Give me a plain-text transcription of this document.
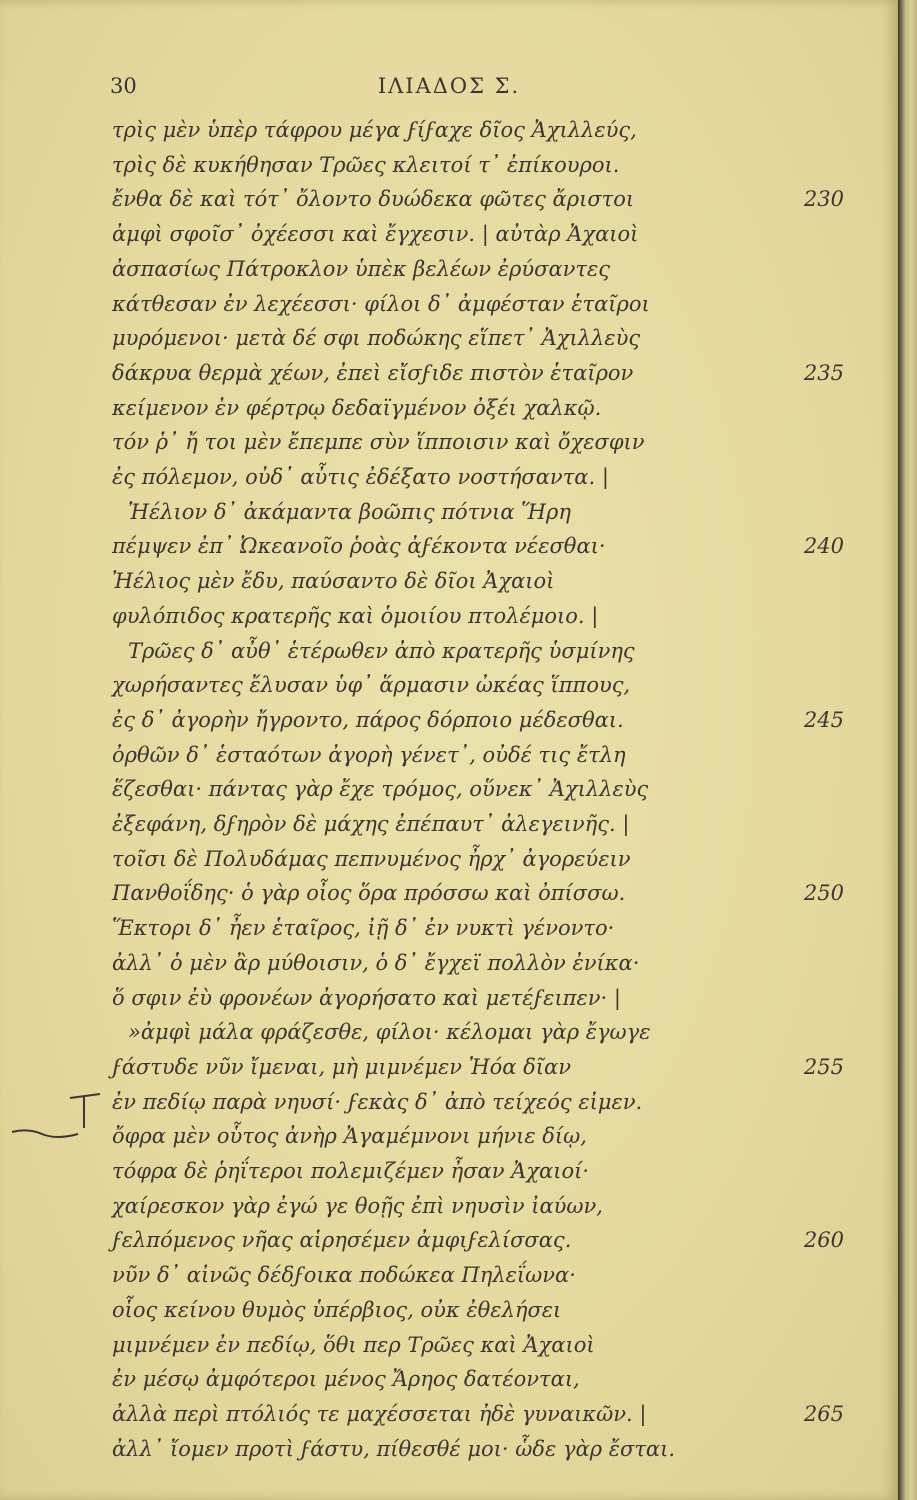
30	ΙΛΙΑΔΟΣ Σ.
τρὶς μὲν ὑπὲρ τάφρου μέγα ϝίϝαχε δῖος Ἀχιλλεύς,
τρὶς δὲ κυκήθησαν Τρῶες κλειτοί τ᾽ ἐπίκουροι.
ἔνθα δὲ καὶ τότ᾽ ὄλοντο δυώδεκα φῶτες ἄριστοι	230
ἀμφὶ σφοῖσ᾽ ὀχέεσσι καὶ ἔγχεσιν. | αὐτὰρ Ἀχαιοὶ
ἀσπασίως Πάτροκλον ὑπὲκ βελέων ἐρύσαντες
κάτθεσαν ἐν λεχέεσσι· φίλοι δ᾽ ἀμφέσταν ἑταῖροι
μυρόμενοι· μετὰ δέ σφι ποδώκης εἵπετ᾽ Ἀχιλλεὺς
δάκρυα θερμὰ χέων, ἐπεὶ εἴσϝιδε πιστὸν ἑταῖρον	235
κείμενον ἐν φέρτρῳ δεδαϊγμένον ὀξέι χαλκῷ.
τόν ῥ᾽ ἤ τοι μὲν ἔπεμπε σὺν ἵπποισιν καὶ ὄχεσφιν
ἐς πόλεμον, οὐδ᾽ αὖτις ἐδέξατο νοστήσαντα. |
Ἠέλιον δ᾽ ἀκάμαντα βοῶπις πότνια Ἥρη
πέμψεν ἐπ᾽ Ὠκεανοῖο ῥοὰς ἀϝέκοντα νέεσθαι·	240
Ἠέλιος μὲν ἔδυ, παύσαντο δὲ δῖοι Ἀχαιοὶ
φυλόπιδος κρατερῆς καὶ ὁμοιίου πτολέμοιο. |
Τρῶες δ᾽ αὖθ᾽ ἑτέρωθεν ἀπὸ κρατερῆς ὑσμίνης
χωρήσαντες ἔλυσαν ὑφ᾽ ἅρμασιν ὠκέας ἵππους,
ἐς δ᾽ ἀγορὴν ἤγροντο, πάρος δόρποιο μέδεσθαι.	245
ὀρθῶν δ᾽ ἑσταότων ἀγορὴ γένετ᾽, οὐδέ τις ἔτλη
ἕζεσθαι· πάντας γὰρ ἔχε τρόμος, οὕνεκ᾽ Ἀχιλλεὺς
ἐξεφάνη, δϝηρὸν δὲ μάχης ἐπέπαυτ᾽ ἀλεγεινῆς. |
τοῖσι δὲ Πολυδάμας πεπνυμένος ἦρχ᾽ ἀγορεύειν
Πανθοΐδης· ὁ γὰρ οἶος ὅρα πρόσσω καὶ ὀπίσσω.	250
Ἕκτορι δ᾽ ἦεν ἑταῖρος, ἰῇ δ᾽ ἐν νυκτὶ γένοντο·
ἀλλ᾽ ὁ μὲν ἂρ μύθοισιν, ὁ δ᾽ ἔγχεϊ πολλὸν ἐνίκα·
ὅ σφιν ἐὺ φρονέων ἀγορήσατο καὶ μετέϝειπεν· |
»ἀμφὶ μάλα φράζεσθε, φίλοι· κέλομαι γὰρ ἔγωγε
ϝάστυδε νῦν ἴμεναι, μὴ μιμνέμεν Ἠόα δῖαν	255
ἐν πεδίῳ παρὰ νηυσί· ϝεκὰς δ᾽ ἀπὸ τείχεός εἰμεν.
ὄφρα μὲν οὗτος ἀνὴρ Ἀγαμέμνονι μήνιε δίῳ,
τόφρα δὲ ῥηΐτεροι πολεμιζέμεν ἦσαν Ἀχαιοί·
χαίρεσκον γὰρ ἐγώ γε θοῇς ἐπὶ νηυσὶν ἰαύων,
ϝελπόμενος νῆας αἱρησέμεν ἀμφιϝελίσσας.	260
νῦν δ᾽ αἰνῶς δέδϝοικα ποδώκεα Πηλεΐωνα·
οἷος κείνου θυμὸς ὑπέρβιος, οὐκ ἐθελήσει
μιμνέμεν ἐν πεδίῳ, ὅθι περ Τρῶες καὶ Ἀχαιοὶ
ἐν μέσῳ ἀμφότεροι μένος Ἄρηος δατέονται,
ἀλλὰ περὶ πτόλιός τε μαχέσσεται ἠδὲ γυναικῶν. |	265
ἀλλ᾽ ἴομεν προτὶ ϝάστυ, πίθεσθέ μοι· ὧδε γὰρ ἔσται.
